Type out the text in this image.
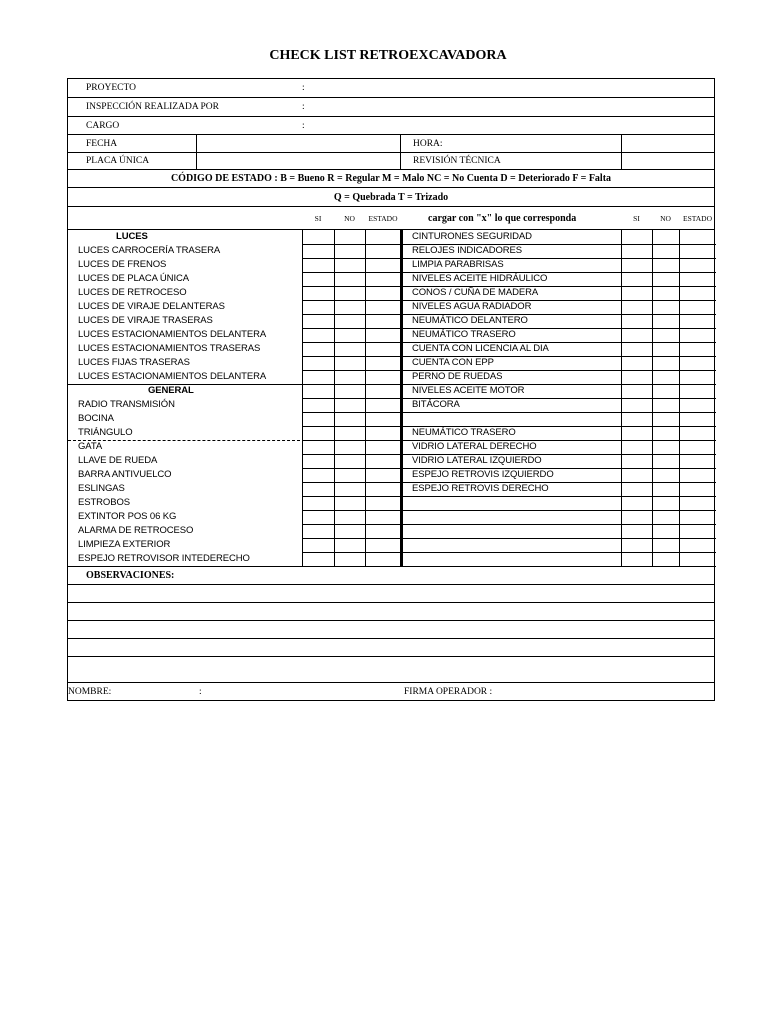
CHECK LIST RETROEXCAVADORA
PROYECTO	:
INSPECCIÓN REALIZADA POR	:
CARGO	:
FECHA	HORA:
PLACA ÚNICA	REVISIÓN TÉCNICA
CÓDIGO DE ESTADO : B = Bueno R = Regular M = Malo NC = No Cuenta D = Deteriorado F = Falta
Q = Quebrada T = Trizado
SI	NO	ESTADO	cargar con "x" lo que corresponda	SI	NO	ESTADO
LUCES	CINTURONES SEGURIDAD
LUCES CARROCERÍA TRASERA	RELOJES INDICADORES
LUCES DE FRENOS	LIMPIA PARABRISAS
LUCES DE PLACA ÚNICA	NIVELES ACEITE HIDRÁULICO
LUCES DE RETROCESO	CONOS / CUÑA DE MADERA
LUCES DE VIRAJE DELANTERAS	NIVELES AGUA RADIADOR
LUCES DE VIRAJE TRASERAS	NEUMÁTICO DELANTERO
LUCES ESTACIONAMIENTOS DELANTERA	NEUMÁTICO TRASERO
LUCES ESTACIONAMIENTOS TRASERAS	CUENTA CON LICENCIA AL DIA
LUCES FIJAS TRASERAS	CUENTA CON EPP
LUCES ESTACIONAMIENTOS DELANTERA	PERNO DE RUEDAS
GENERAL	NIVELES ACEITE MOTOR
RADIO TRANSMISIÓN	BITÁCORA
BOCINA
TRIÁNGULO	NEUMÁTICO TRASERO
GATA	VIDRIO LATERAL DERECHO
LLAVE DE RUEDA	VIDRIO LATERAL IZQUIERDO
BARRA ANTIVUELCO	ESPEJO RETROVIS IZQUIERDO
ESLINGAS	ESPEJO RETROVIS DERECHO
ESTROBOS
EXTINTOR POS 06 KG
ALARMA DE RETROCESO
LIMPIEZA EXTERIOR
ESPEJO RETROVISOR INTEDERECHO
OBSERVACIONES:
NOMBRE:	:	FIRMA OPERADOR :
